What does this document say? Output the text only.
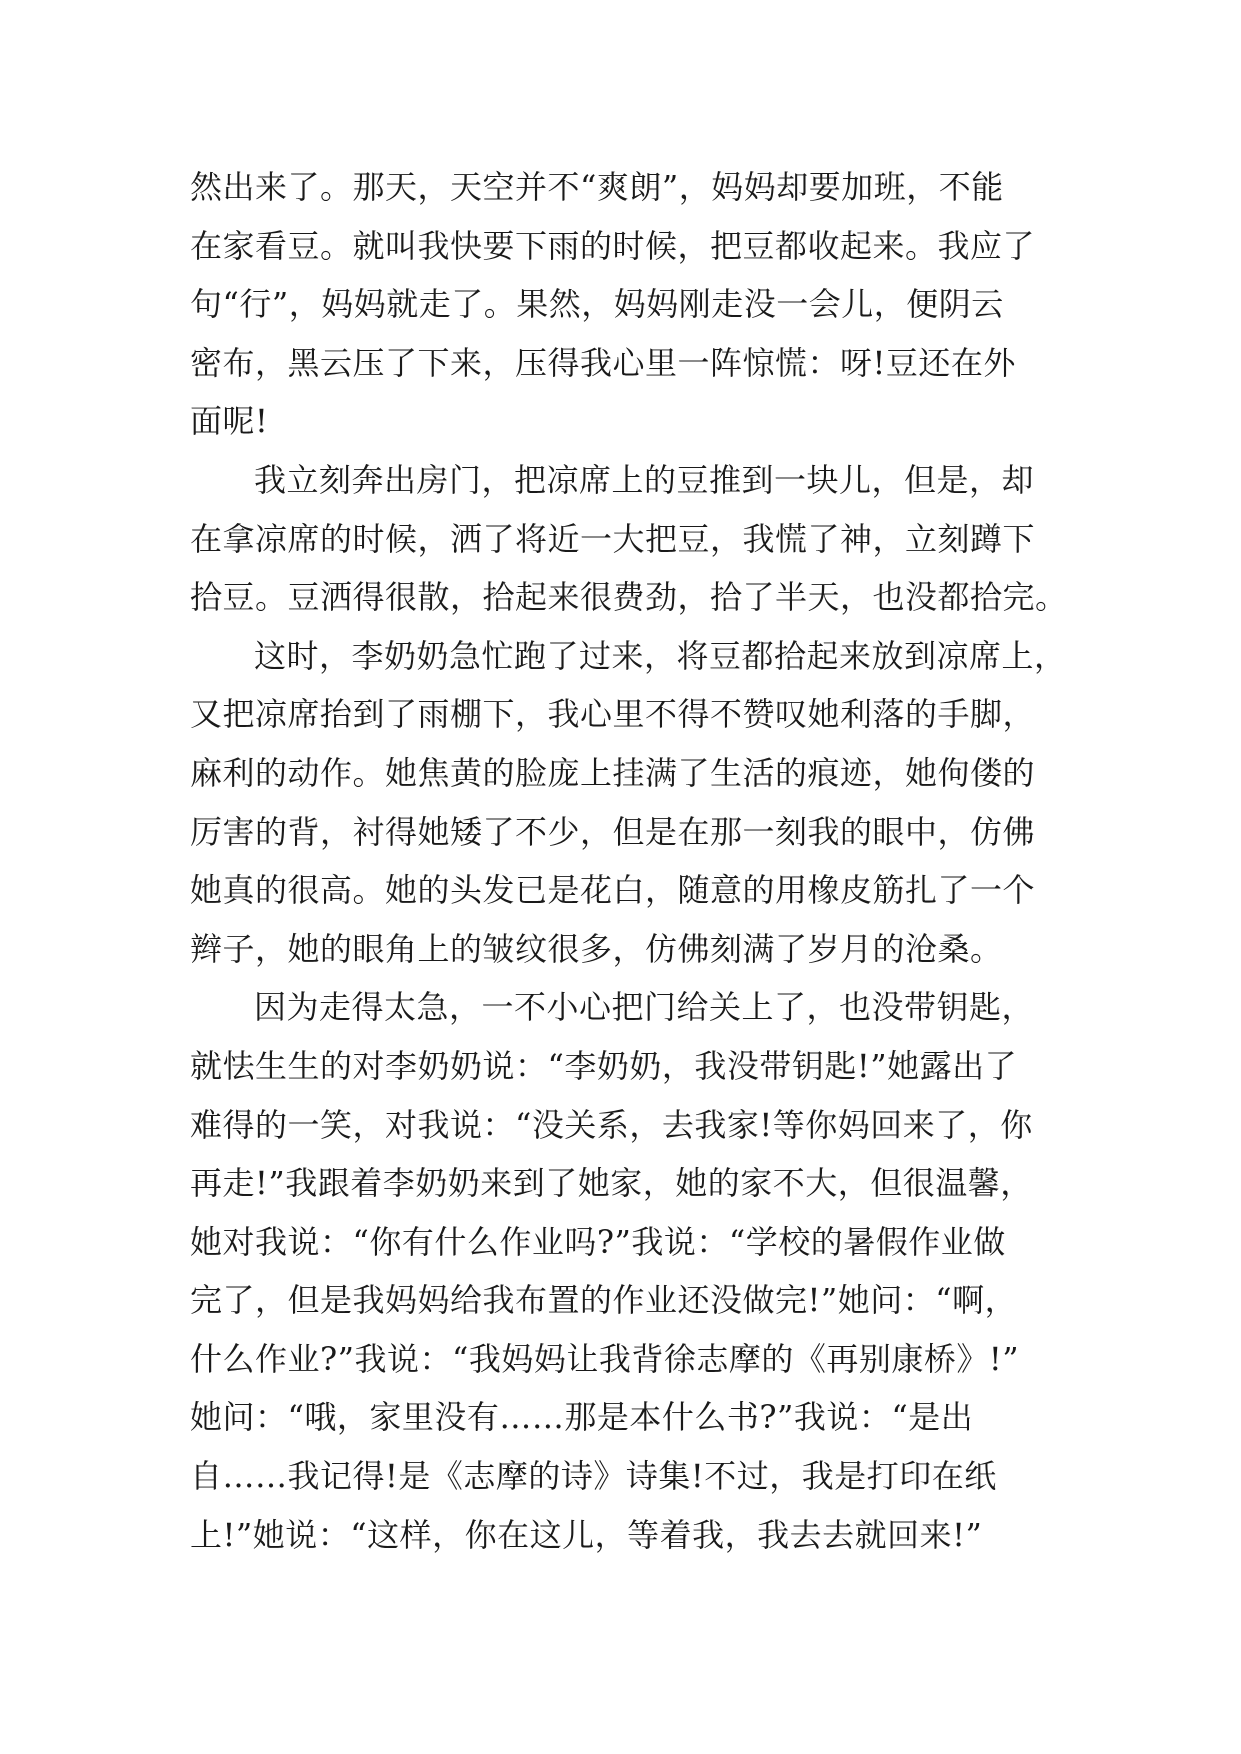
然出来了。那天，天空并不“爽朗”，妈妈却要加班，不能
在家看豆。就叫我快要下雨的时候，把豆都收起来。我应了
句“行”，妈妈就走了。果然，妈妈刚走没一会儿，便阴云
密布，黑云压了下来，压得我心里一阵惊慌：呀!豆还在外
面呢!
我立刻奔出房门，把凉席上的豆推到一块儿，但是，却
在拿凉席的时候，洒了将近一大把豆，我慌了神，立刻蹲下
拾豆。豆洒得很散，拾起来很费劲，拾了半天，也没都拾完。
这时，李奶奶急忙跑了过来，将豆都拾起来放到凉席上，
又把凉席抬到了雨棚下，我心里不得不赞叹她利落的手脚，
麻利的动作。她焦黄的脸庞上挂满了生活的痕迹，她佝偻的
厉害的背，衬得她矮了不少，但是在那一刻我的眼中，仿佛
她真的很高。她的头发已是花白，随意的用橡皮筋扎了一个
辫子，她的眼角上的皱纹很多，仿佛刻满了岁月的沧桑。
因为走得太急，一不小心把门给关上了，也没带钥匙，
就怯生生的对李奶奶说：“李奶奶，我没带钥匙!”她露出了
难得的一笑，对我说：“没关系，去我家!等你妈回来了，你
再走!”我跟着李奶奶来到了她家，她的家不大，但很温馨，
她对我说：“你有什么作业吗?”我说：“学校的暑假作业做
完了，但是我妈妈给我布置的作业还没做完!”她问：“啊，
什么作业?”我说：“我妈妈让我背徐志摩的《再别康桥》!”
她问：“哦，家里没有……那是本什么书?”我说：“是出
自……我记得!是《志摩的诗》诗集!不过，我是打印在纸
上!”她说：“这样，你在这儿，等着我，我去去就回来!”
